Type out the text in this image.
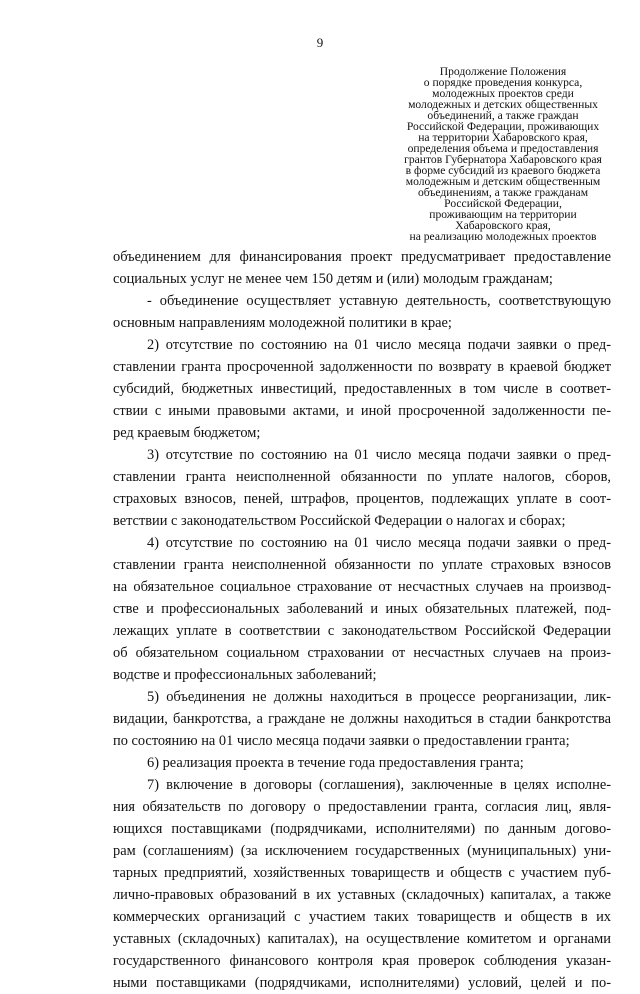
9
Продолжение Положения
о порядке проведения конкурса,
молодежных проектов среди
молодежных и детских общественных
объединений, а также граждан
Российской Федерации, проживающих
на территории Хабаровского края,
определения объема и предоставления
грантов Губернатора Хабаровского края
в форме субсидий из краевого бюджета
молодежным и детским общественным
объединениям, а также гражданам
Российской Федерации,
проживающим на территории
Хабаровского края,
на реализацию молодежных проектов
объединением для финансирования проект предусматривает предоставление
социальных услуг не менее чем 150 детям и (или) молодым гражданам;
- объединение осуществляет уставную деятельность, соответствующую
основным направлениям молодежной политики в крае;
2) отсутствие по состоянию на 01 число месяца подачи заявки о пред-
ставлении гранта просроченной задолженности по возврату в краевой бюджет
субсидий, бюджетных инвестиций, предоставленных в том числе в соответ-
ствии с иными правовыми актами, и иной просроченной задолженности пе-
ред краевым бюджетом;
3) отсутствие по состоянию на 01 число месяца подачи заявки о пред-
ставлении гранта неисполненной обязанности по уплате налогов, сборов,
страховых взносов, пеней, штрафов, процентов, подлежащих уплате в соот-
ветствии с законодательством Российской Федерации о налогах и сборах;
4) отсутствие по состоянию на 01 число месяца подачи заявки о пред-
ставлении гранта неисполненной обязанности по уплате страховых взносов
на обязательное социальное страхование от несчастных случаев на производ-
стве и профессиональных заболеваний и иных обязательных платежей, под-
лежащих уплате в соответствии с законодательством Российской Федерации
об обязательном социальном страховании от несчастных случаев на произ-
водстве и профессиональных заболеваний;
5) объединения не должны находиться в процессе реорганизации, лик-
видации, банкротства, а граждане не должны находиться в стадии банкротства
по состоянию на 01 число месяца подачи заявки о предоставлении гранта;
6) реализация проекта в течение года предоставления гранта;
7) включение в договоры (соглашения), заключенные в целях исполне-
ния обязательств по договору о предоставлении гранта, согласия лиц, явля-
ющихся поставщиками (подрядчиками, исполнителями) по данным догово-
рам (соглашениям) (за исключением государственных (муниципальных) уни-
тарных предприятий, хозяйственных товариществ и обществ с участием пуб-
лично-правовых образований в их уставных (складочных) капиталах, а также
коммерческих организаций с участием таких товариществ и обществ в их
уставных (складочных) капиталах), на осуществление комитетом и органами
государственного финансового контроля края проверок соблюдения указан-
ными поставщиками (подрядчиками, исполнителями) условий, целей и по-
